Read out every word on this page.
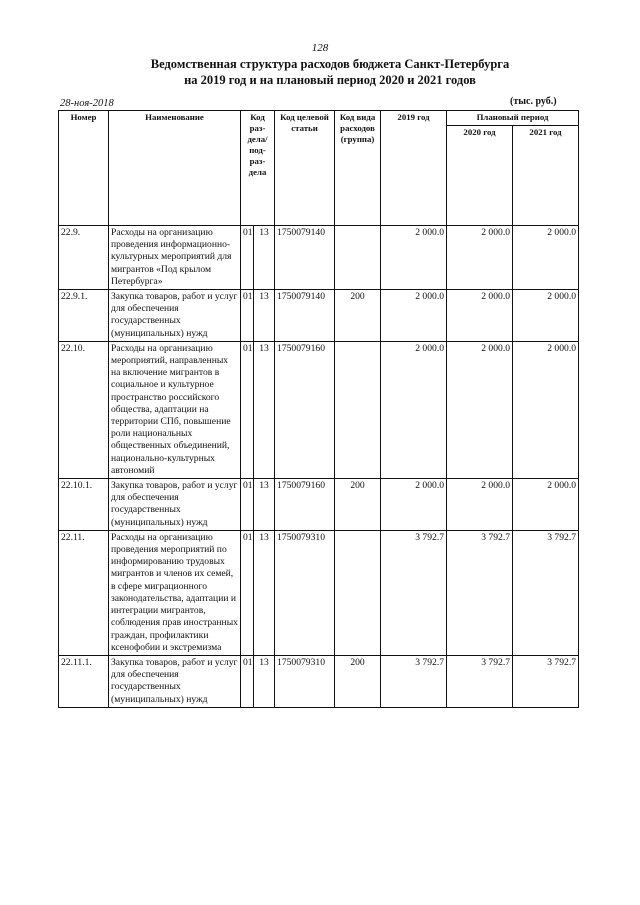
128
Ведомственная структура расходов бюджета Санкт-Петербурга
на 2019 год и на плановый период 2020 и 2021 годов
28-ноя-2018	(тыс. руб.)
Номер	Наименование	Код раз-дела/ под-раз-дела		Код целевой статьи	Код вида расходов (группа)	2019 год	Плановый период	
							2020 год	2021 год
22.9.	Расходы на организацию проведения информационно-культурных мероприятий для мигрантов «Под крылом Петербурга»	01	13	1750079140		2 000.0	2 000.0	2 000.0
22.9.1.	Закупка товаров, работ и услуг для обеспечения государственных (муниципальных) нужд	01	13	1750079140	200	2 000.0	2 000.0	2 000.0
22.10.	Расходы на организацию мероприятий, направленных на включение мигрантов в социальное и культурное пространство российского общества, адаптации на территории СПб, повышение роли национальных общественных объединений, национально-культурных автономий	01	13	1750079160		2 000.0	2 000.0	2 000.0
22.10.1.	Закупка товаров, работ и услуг для обеспечения государственных (муниципальных) нужд	01	13	1750079160	200	2 000.0	2 000.0	2 000.0
22.11.	Расходы на организацию проведения мероприятий по информированию трудовых мигрантов и членов их семей, в сфере миграционного законодательства, адаптации и интеграции мигрантов, соблюдения прав иностранных граждан, профилактики ксенофобии и экстремизма	01	13	1750079310		3 792.7	3 792.7	3 792.7
22.11.1.	Закупка товаров, работ и услуг для обеспечения государственных (муниципальных) нужд	01	13	1750079310	200	3 792.7	3 792.7	3 792.7
